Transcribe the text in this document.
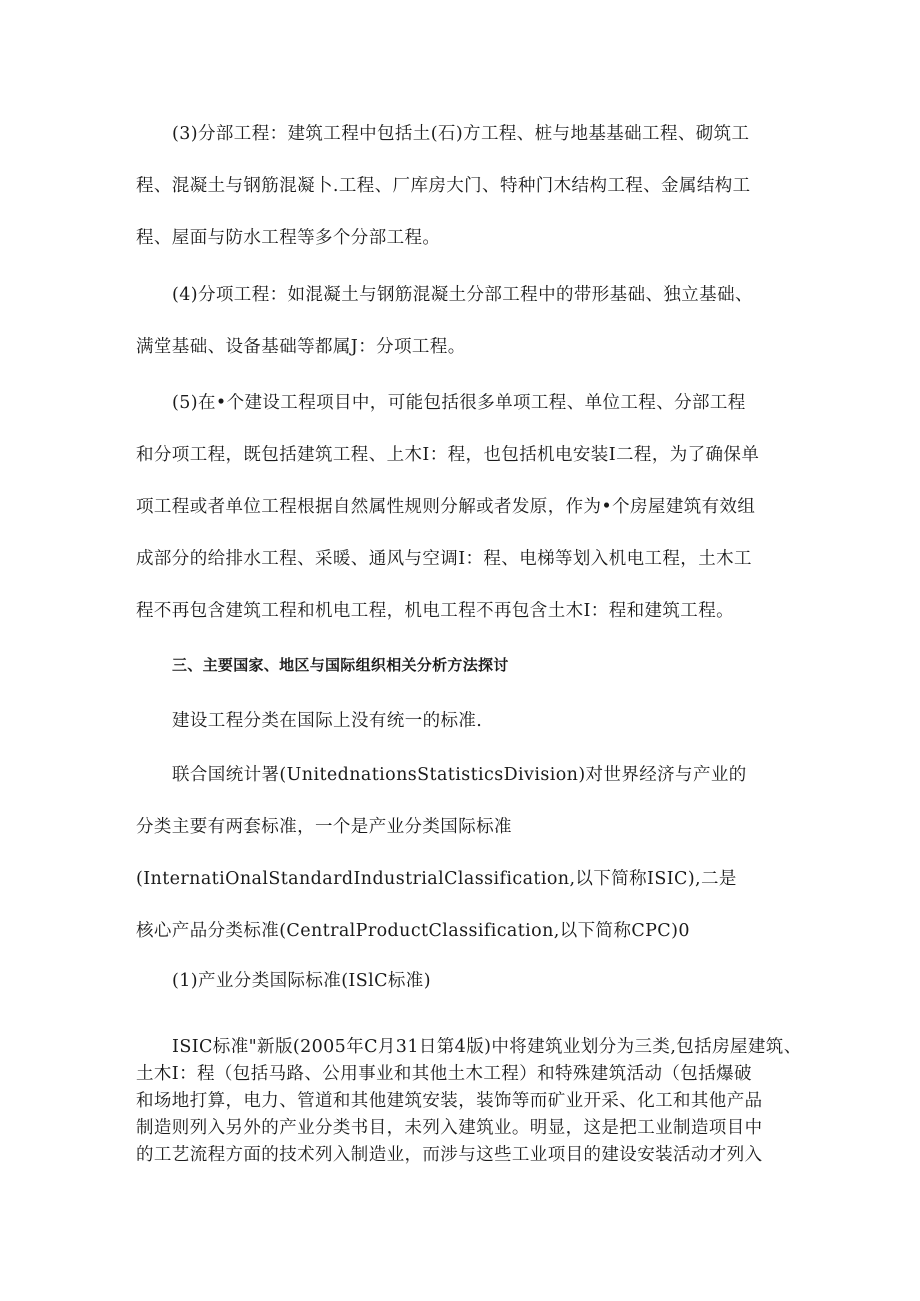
(3)分部工程：建筑工程中包括土(石)方工程、桩与地基基础工程、砌筑工
程、混凝土与钢筋混凝卜.工程、厂库房大门、特种门木结构工程、金属结构工
程、屋面与防水工程等多个分部工程。
(4)分项工程：如混凝土与钢筋混凝土分部工程中的带形基础、独立基础、
满堂基础、设备基础等都属J：分项工程。
(5)在•个建设工程项目中，可能包括很多单项工程、单位工程、分部工程
和分项工程，既包括建筑工程、上木I：程，也包括机电安装I二程，为了确保单
项工程或者单位工程根据自然属性规则分解或者发原，作为•个房屋建筑有效组
成部分的给排水工程、采暖、通风与空调I：程、电梯等划入机电工程，土木工
程不再包含建筑工程和机电工程，机电工程不再包含土木I：程和建筑工程。
三、主要国家、地区与国际组织相关分析方法探讨
建设工程分类在国际上没有统一的标准.
联合国统计署(UnitednationsStatisticsDivision)对世界经济与产业的
分类主要有两套标准，一个是产业分类国际标准
(InternatiOnalStandardIndustrialClassification,以下简称ISIC),二是
核心产品分类标准(CentralProductClassification,以下简称CPC)0
(1)产业分类国际标准(ISlC标准)
ISIC标准"新版(2005年C月31日第4版)中将建筑业划分为三类,包括房屋建筑、
土木I：程（包括马路、公用事业和其他土木工程）和特殊建筑活动（包括爆破
和场地打算，电力、管道和其他建筑安装，装饰等而矿业开采、化工和其他产品
制造则列入另外的产业分类书目，未列入建筑业。明显，这是把工业制造项目中
的工艺流程方面的技术列入制造业，而涉与这些工业项目的建设安装活动才列入
